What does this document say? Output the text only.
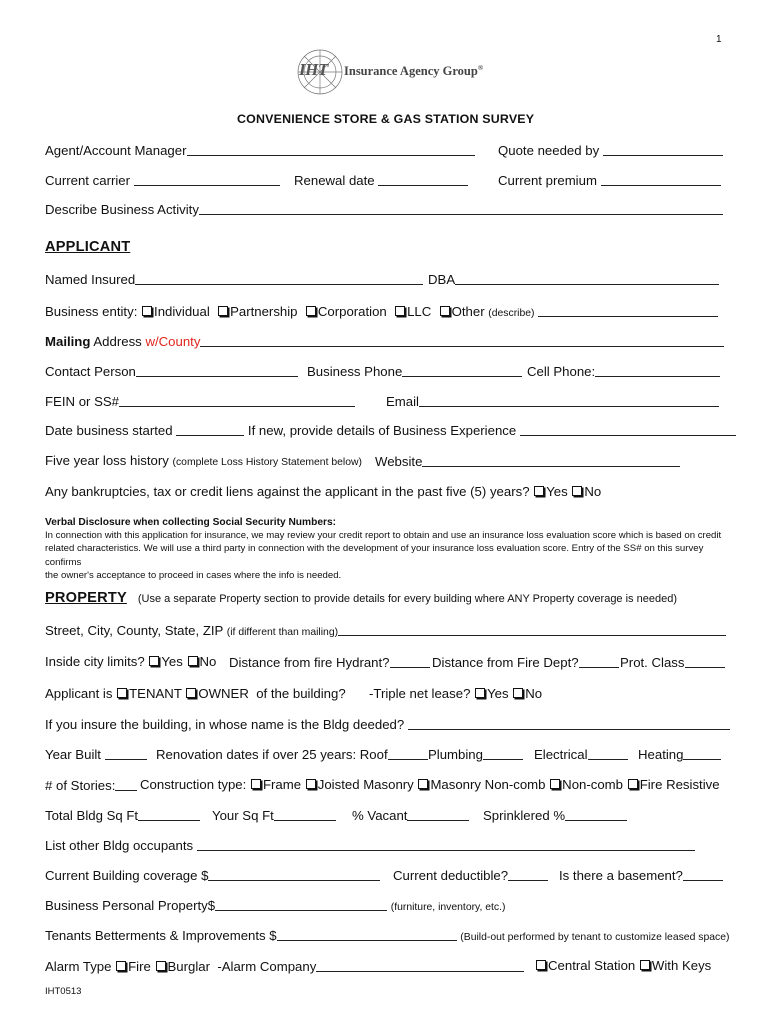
1
IHT Insurance Agency Group®
CONVENIENCE STORE & GAS STATION SURVEY
Agent/Account Manager	Quote needed by
Current carrier	Renewal date	Current premium
Describe Business Activity
APPLICANT
Named Insured	DBA
Business entity: Individual Partnership Corporation LLC Other (describe)
Mailing Address w/County
Contact Person	Business Phone	Cell Phone:
FEIN or SS#	Email
Date business started	If new, provide details of Business Experience
Five year loss history (complete Loss History Statement below) Website
Any bankruptcies, tax or credit liens against the applicant in the past five (5) years? Yes No
Verbal Disclosure when collecting Social Security Numbers:
In connection with this application for insurance, we may review your credit report to obtain and use an insurance loss evaluation score which is based on credit
related characteristics. We will use a third party in connection with the development of your insurance loss evaluation score. Entry of the SS# on this survey confirms
the owner's acceptance to proceed in cases where the info is needed.
PROPERTY (Use a separate Property section to provide details for every building where ANY Property coverage is needed)
Street, City, County, State, ZIP (if different than mailing)
Inside city limits? Yes No Distance from fire Hydrant?	Distance from Fire Dept?	Prot. Class
Applicant is TENANT OWNER of the building? -Triple net lease? Yes No
If you insure the building, in whose name is the Bldg deeded?
Year Built	Renovation dates if over 25 years: Roof	Plumbing	Electrical	Heating
# of Stories:	Construction type: Frame Joisted Masonry Masonry Non-comb Non-comb Fire Resistive
Total Bldg Sq Ft	Your Sq Ft	% Vacant	Sprinklered %
List other Bldg occupants
Current Building coverage $	Current deductible?	Is there a basement?
Business Personal Property$	(furniture, inventory, etc.)
Tenants Betterments & Improvements $	(Build-out performed by tenant to customize leased space)
Alarm Type Fire Burglar -Alarm Company	Central Station With Keys
IHT0513
